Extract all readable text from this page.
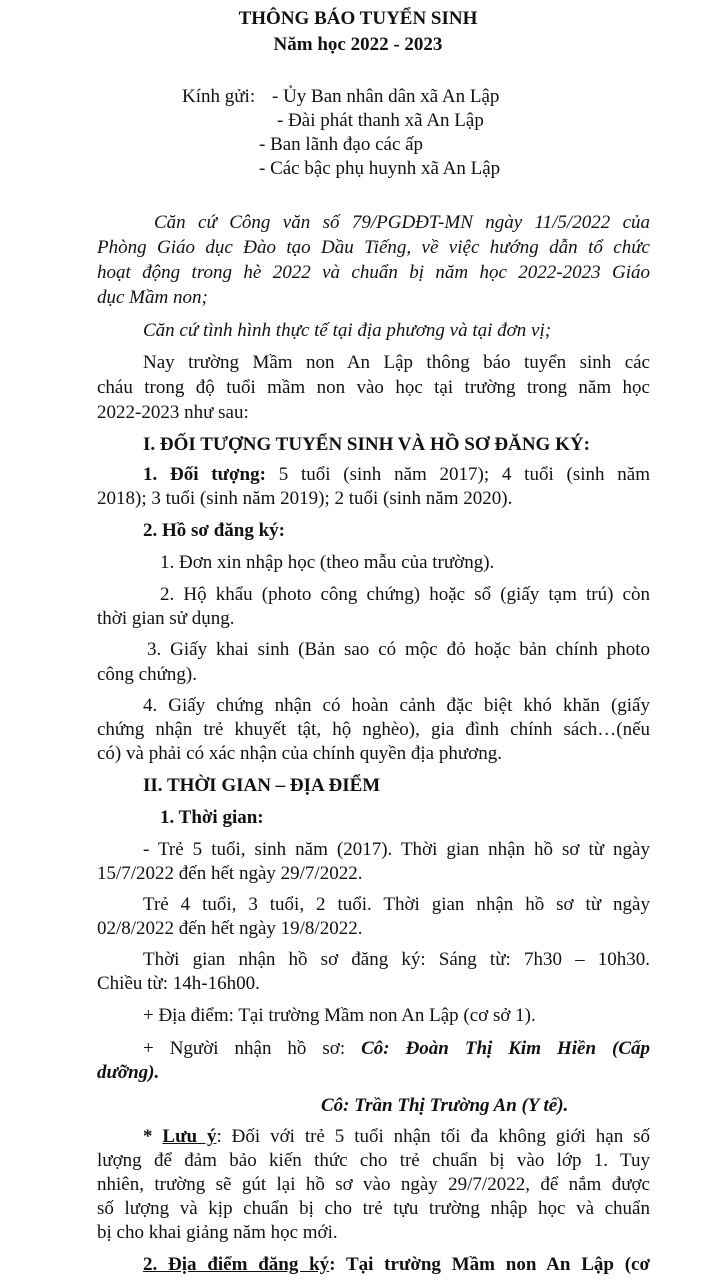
THÔNG BÁO TUYỂN SINH
Năm học 2022 - 2023
Kính gửi: - Ủy Ban nhân dân xã An Lập
- Đài phát thanh xã An Lập
- Ban lãnh đạo các ấp
- Các bậc phụ huynh xã An Lập
Căn cứ Công văn số 79/PGDĐT-MN ngày 11/5/2022 của
Phòng Giáo dục Đào tạo Dầu Tiếng, về việc hướng dẫn tổ chức
hoạt động trong hè 2022 và chuẩn bị năm học 2022-2023 Giáo
dục Mầm non;
Căn cứ tình hình thực tế tại địa phương và tại đơn vị;
Nay trường Mầm non An Lập thông báo tuyển sinh các
cháu trong độ tuổi mầm non vào học tại trường trong năm học
2022-2023 như sau:
I. ĐỐI TƯỢNG TUYỂN SINH VÀ HỒ SƠ ĐĂNG KÝ:
1. Đối tượng: 5 tuổi (sinh năm 2017); 4 tuổi (sinh năm
2018); 3 tuổi (sinh năm 2019); 2 tuổi (sinh năm 2020).
2. Hồ sơ đăng ký:
1. Đơn xin nhập học (theo mẫu của trường).
2. Hộ khẩu (photo công chứng) hoặc sổ (giấy tạm trú) còn
thời gian sử dụng.
3. Giấy khai sinh (Bản sao có mộc đỏ hoặc bản chính photo
công chứng).
4. Giấy chứng nhận có hoàn cảnh đặc biệt khó khăn (giấy
chứng nhận trẻ khuyết tật, hộ nghèo), gia đình chính sách…(nếu
có) và phải có xác nhận của chính quyền địa phương.
II. THỜI GIAN – ĐỊA ĐIỂM
1. Thời gian:
- Trẻ 5 tuổi, sinh năm (2017). Thời gian nhận hồ sơ từ ngày
15/7/2022 đến hết ngày 29/7/2022.
Trẻ 4 tuổi, 3 tuổi, 2 tuổi. Thời gian nhận hồ sơ từ ngày
02/8/2022 đến hết ngày 19/8/2022.
Thời gian nhận hồ sơ đăng ký: Sáng từ: 7h30 – 10h30.
Chiều từ: 14h-16h00.
+ Địa điểm: Tại trường Mầm non An Lập (cơ sở 1).
+ Người nhận hồ sơ: Cô: Đoàn Thị Kim Hiền (Cấp
dưỡng).
Cô: Trần Thị Trường An (Y tế).
* Lưu ý: Đối với trẻ 5 tuổi nhận tối đa không giới hạn số
lượng để đảm bảo kiến thức cho trẻ chuẩn bị vào lớp 1. Tuy
nhiên, trường sẽ gút lại hồ sơ vào ngày 29/7/2022, để nắm được
số lượng và kịp chuẩn bị cho trẻ tựu trường nhập học và chuẩn
bị cho khai giảng năm học mới.
2. Địa điểm đăng ký: Tại trường Mầm non An Lập (cơ
